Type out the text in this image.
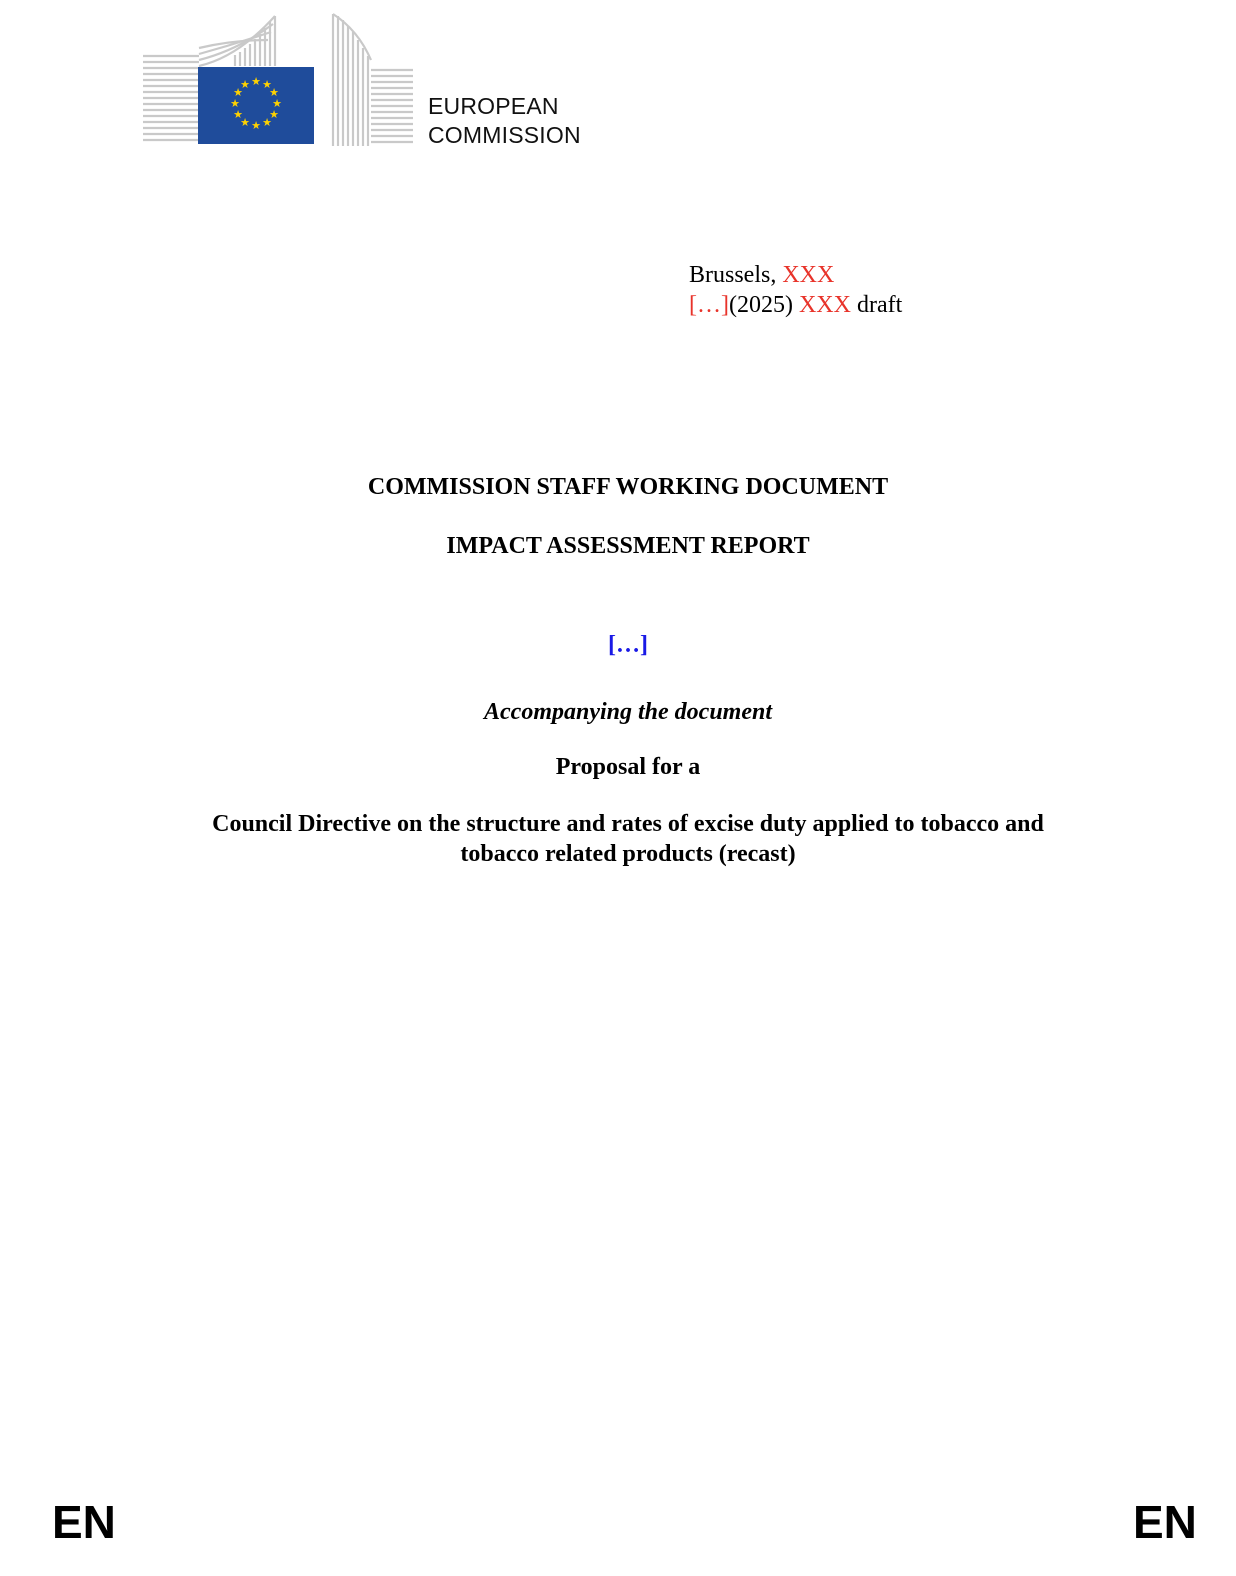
★ ★
★
★
★
★
★
★
★
★
★
★
EUROPEAN
COMMISSION
Brussels, XXX
[…](2025) XXX draft
COMMISSION STAFF WORKING DOCUMENT
IMPACT ASSESSMENT REPORT
[…]
Accompanying the document
Proposal for a
Council Directive on the structure and rates of excise duty applied to tobacco and
tobacco related products (recast)
EN	EN
